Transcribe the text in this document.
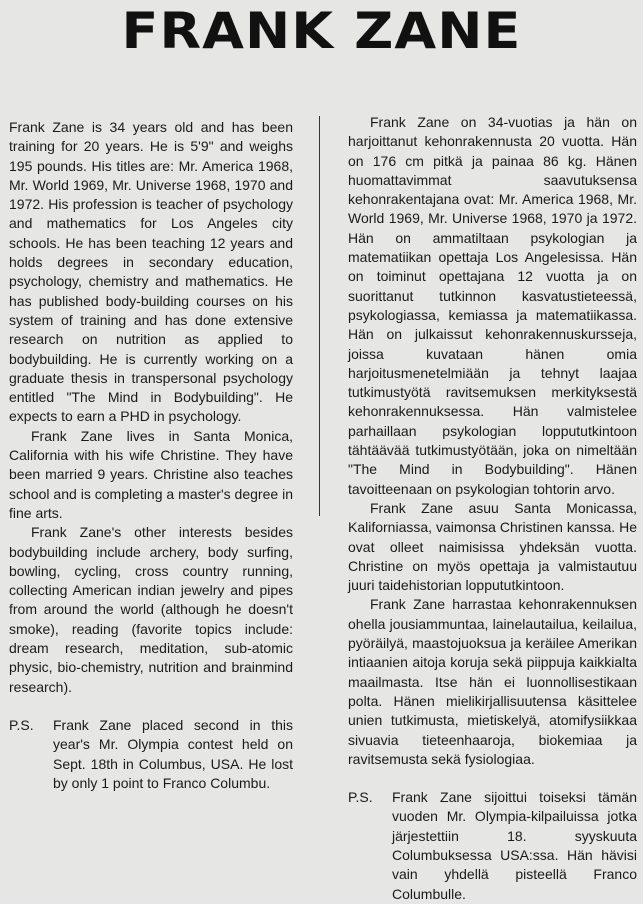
FRANK ZANE

Frank Zane is 34 years old and has been training for 20 years. He is 5'9" and weighs 195 pounds. His titles are: Mr. America 1968, Mr. World 1969, Mr. Universe 1968, 1970 and 1972. His profession is teacher of psychology and mathematics for Los Angeles city schools. He has been teaching 12 years and holds degrees in secondary education, psychology, chemistry and mathematics. He has published body-building courses on his system of training and has done extensive research on nutrition as applied to bodybuilding. He is currently working on a graduate thesis in transpersonal psychology entitled "The Mind in Bodybuilding". He expects to earn a PHD in psychology.

Frank Zane lives in Santa Monica, California with his wife Christine. They have been married 9 years. Christine also teaches school and is completing a master's degree in fine arts.

Frank Zane's other interests besides bodybuilding include archery, body surfing, bowling, cycling, cross country running, collecting American indian jewelry and pipes from around the world (although he doesn't smoke), reading (favorite topics include: dream research, meditation, sub-atomic physic, bio-chemistry, nutrition and brainmind research).

P.S.	Frank Zane placed second in this year's Mr. Olympia contest held on Sept. 18th in Columbus, USA. He lost by only 1 point to Franco Columbu.

Frank Zane on 34-vuotias ja hän on harjoittanut kehonrakennusta 20 vuotta. Hän on 176 cm pitkä ja painaa 86 kg. Hänen huomattavimmat saavutuksensa kehonrakentajana ovat: Mr. America 1968, Mr. World 1969, Mr. Universe 1968, 1970 ja 1972. Hän on ammatiltaan psykologian ja matematiikan opettaja Los Angelesissa. Hän on toiminut opettajana 12 vuotta ja on suorittanut tutkinnon kasvatustieteessä, psykologiassa, kemiassa ja matematiikassa. Hän on julkaissut kehonrakennuskursseja, joissa kuvataan hänen omia harjoitusmenetelmiään ja tehnyt laajaa tutkimustyötä ravitsemuksen merkityksestä kehonrakennuksessa. Hän valmistelee parhaillaan psykologian loppututkintoon tähtäävää tutkimustyötään, joka on nimeltään "The Mind in Bodybuilding". Hänen tavoitteenaan on psykologian tohtorin arvo.

Frank Zane asuu Santa Monicassa, Kaliforniassa, vaimonsa Christinen kanssa. He ovat olleet naimisissa yhdeksän vuotta. Christine on myös opettaja ja valmistautuu juuri taidehistorian loppututkintoon.

Frank Zane harrastaa kehonrakennuksen ohella jousiammuntaa, lainelautailua, keilailua, pyöräilyä, maastojuoksua ja keräilee Amerikan intiaanien aitoja koruja sekä piippuja kaikkialta maailmasta. Itse hän ei luonnollisestikaan polta. Hänen mielikirjallisuutensa käsittelee unien tutkimusta, mietiskelyä, atomifysiikkaa sivuavia tieteenhaaroja, biokemiaa ja ravitsemusta sekä fysiologiaa.

P.S.	Frank Zane sijoittui toiseksi tämän vuoden Mr. Olympia-kilpailuissa jotka järjestettiin 18. syyskuuta Columbuksessa USA:ssa. Hän hävisi vain yhdellä pisteellä Franco Columbulle.
